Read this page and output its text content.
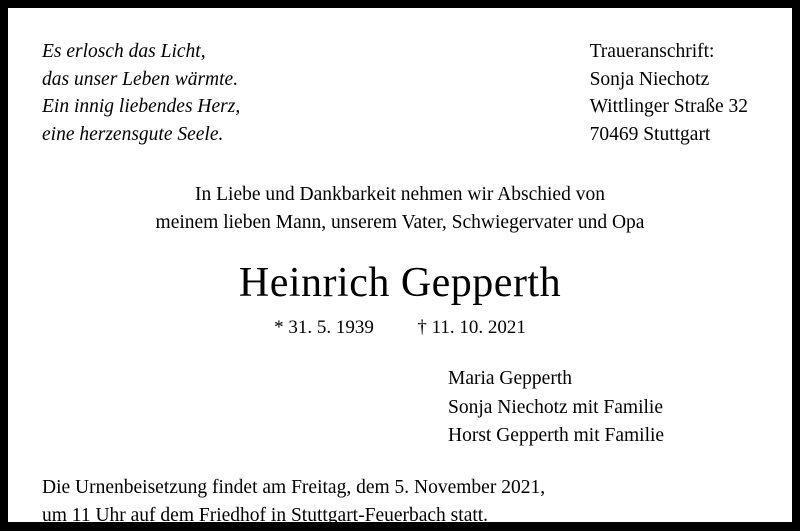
Es erlosch das Licht,
das unser Leben wärmte.
Ein innig liebendes Herz,
eine herzensgute Seele.
Traueranschrift:
Sonja Niechotz
Wittlinger Straße 32
70469 Stuttgart
In Liebe und Dankbarkeit nehmen wir Abschied von
meinem lieben Mann, unserem Vater, Schwiegervater und Opa
Heinrich Gepperth
* 31. 5. 1939 † 11. 10. 2021
Maria Gepperth
Sonja Niechotz mit Familie
Horst Gepperth mit Familie
Die Urnenbeisetzung findet am Freitag, dem 5. November 2021,
um 11 Uhr auf dem Friedhof in Stuttgart-Feuerbach statt.
